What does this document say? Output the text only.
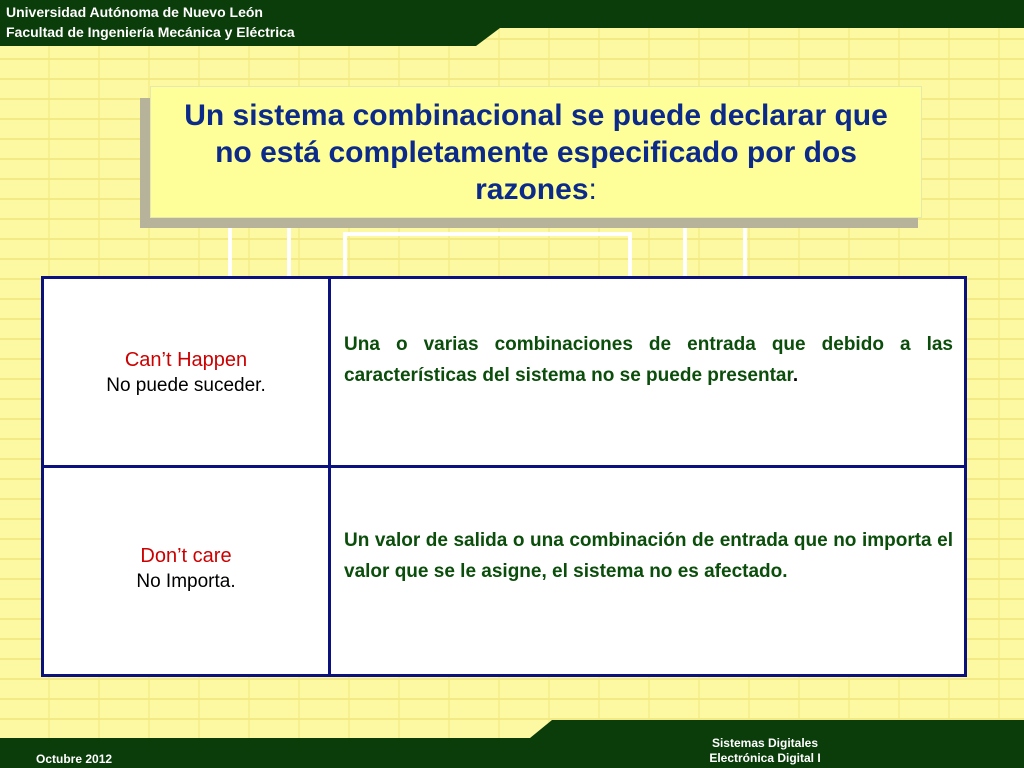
Universidad Autónoma de Nuevo León
Facultad de Ingeniería Mecánica y Eléctrica
Un sistema combinacional se puede declarar que no está completamente especificado por dos razones:
Can’t Happen
No puede suceder.
Una o varias combinaciones de entrada que debido a las características del sistema no se puede presentar.
Don’t care
No Importa.
Un valor de salida o una combinación de entrada que no importa el valor que se le asigne, el sistema no es afectado.
Octubre 2012
Sistemas Digitales
Electrónica Digital I
